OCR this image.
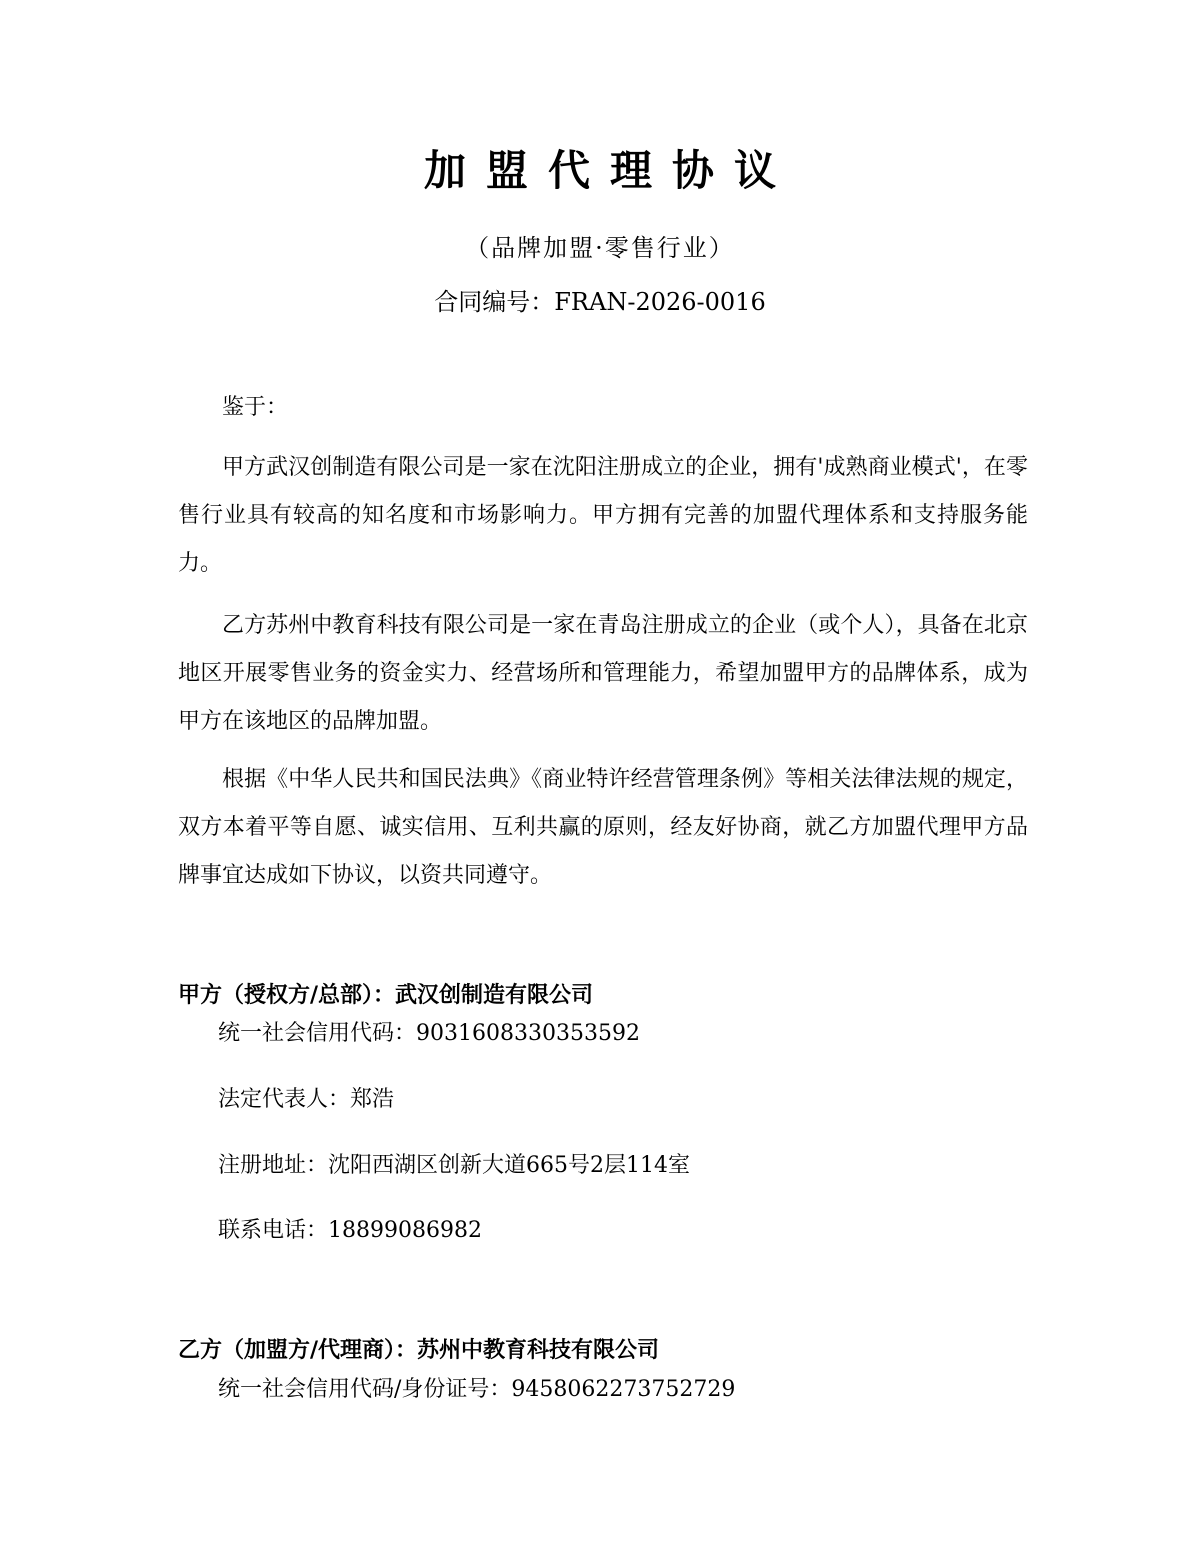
加盟代理协议
（品牌加盟·零售行业）
合同编号：FRAN-2026-0016
鉴于：
甲方武汉创制造有限公司是一家在沈阳注册成立的企业，拥有'成熟商业模式'，在零售行业具有较高的知名度和市场影响力。甲方拥有完善的加盟代理体系和支持服务能力。
乙方苏州中教育科技有限公司是一家在青岛注册成立的企业（或个人），具备在北京地区开展零售业务的资金实力、经营场所和管理能力，希望加盟甲方的品牌体系，成为甲方在该地区的品牌加盟。
根据《中华人民共和国民法典》《商业特许经营管理条例》等相关法律法规的规定，双方本着平等自愿、诚实信用、互利共赢的原则，经友好协商，就乙方加盟代理甲方品牌事宜达成如下协议，以资共同遵守。
甲方（授权方/总部）：武汉创制造有限公司
统一社会信用代码：9031608330353592
法定代表人：郑浩
注册地址：沈阳西湖区创新大道665号2层114室
联系电话：18899086982
乙方（加盟方/代理商）：苏州中教育科技有限公司
统一社会信用代码/身份证号：9458062273752729
